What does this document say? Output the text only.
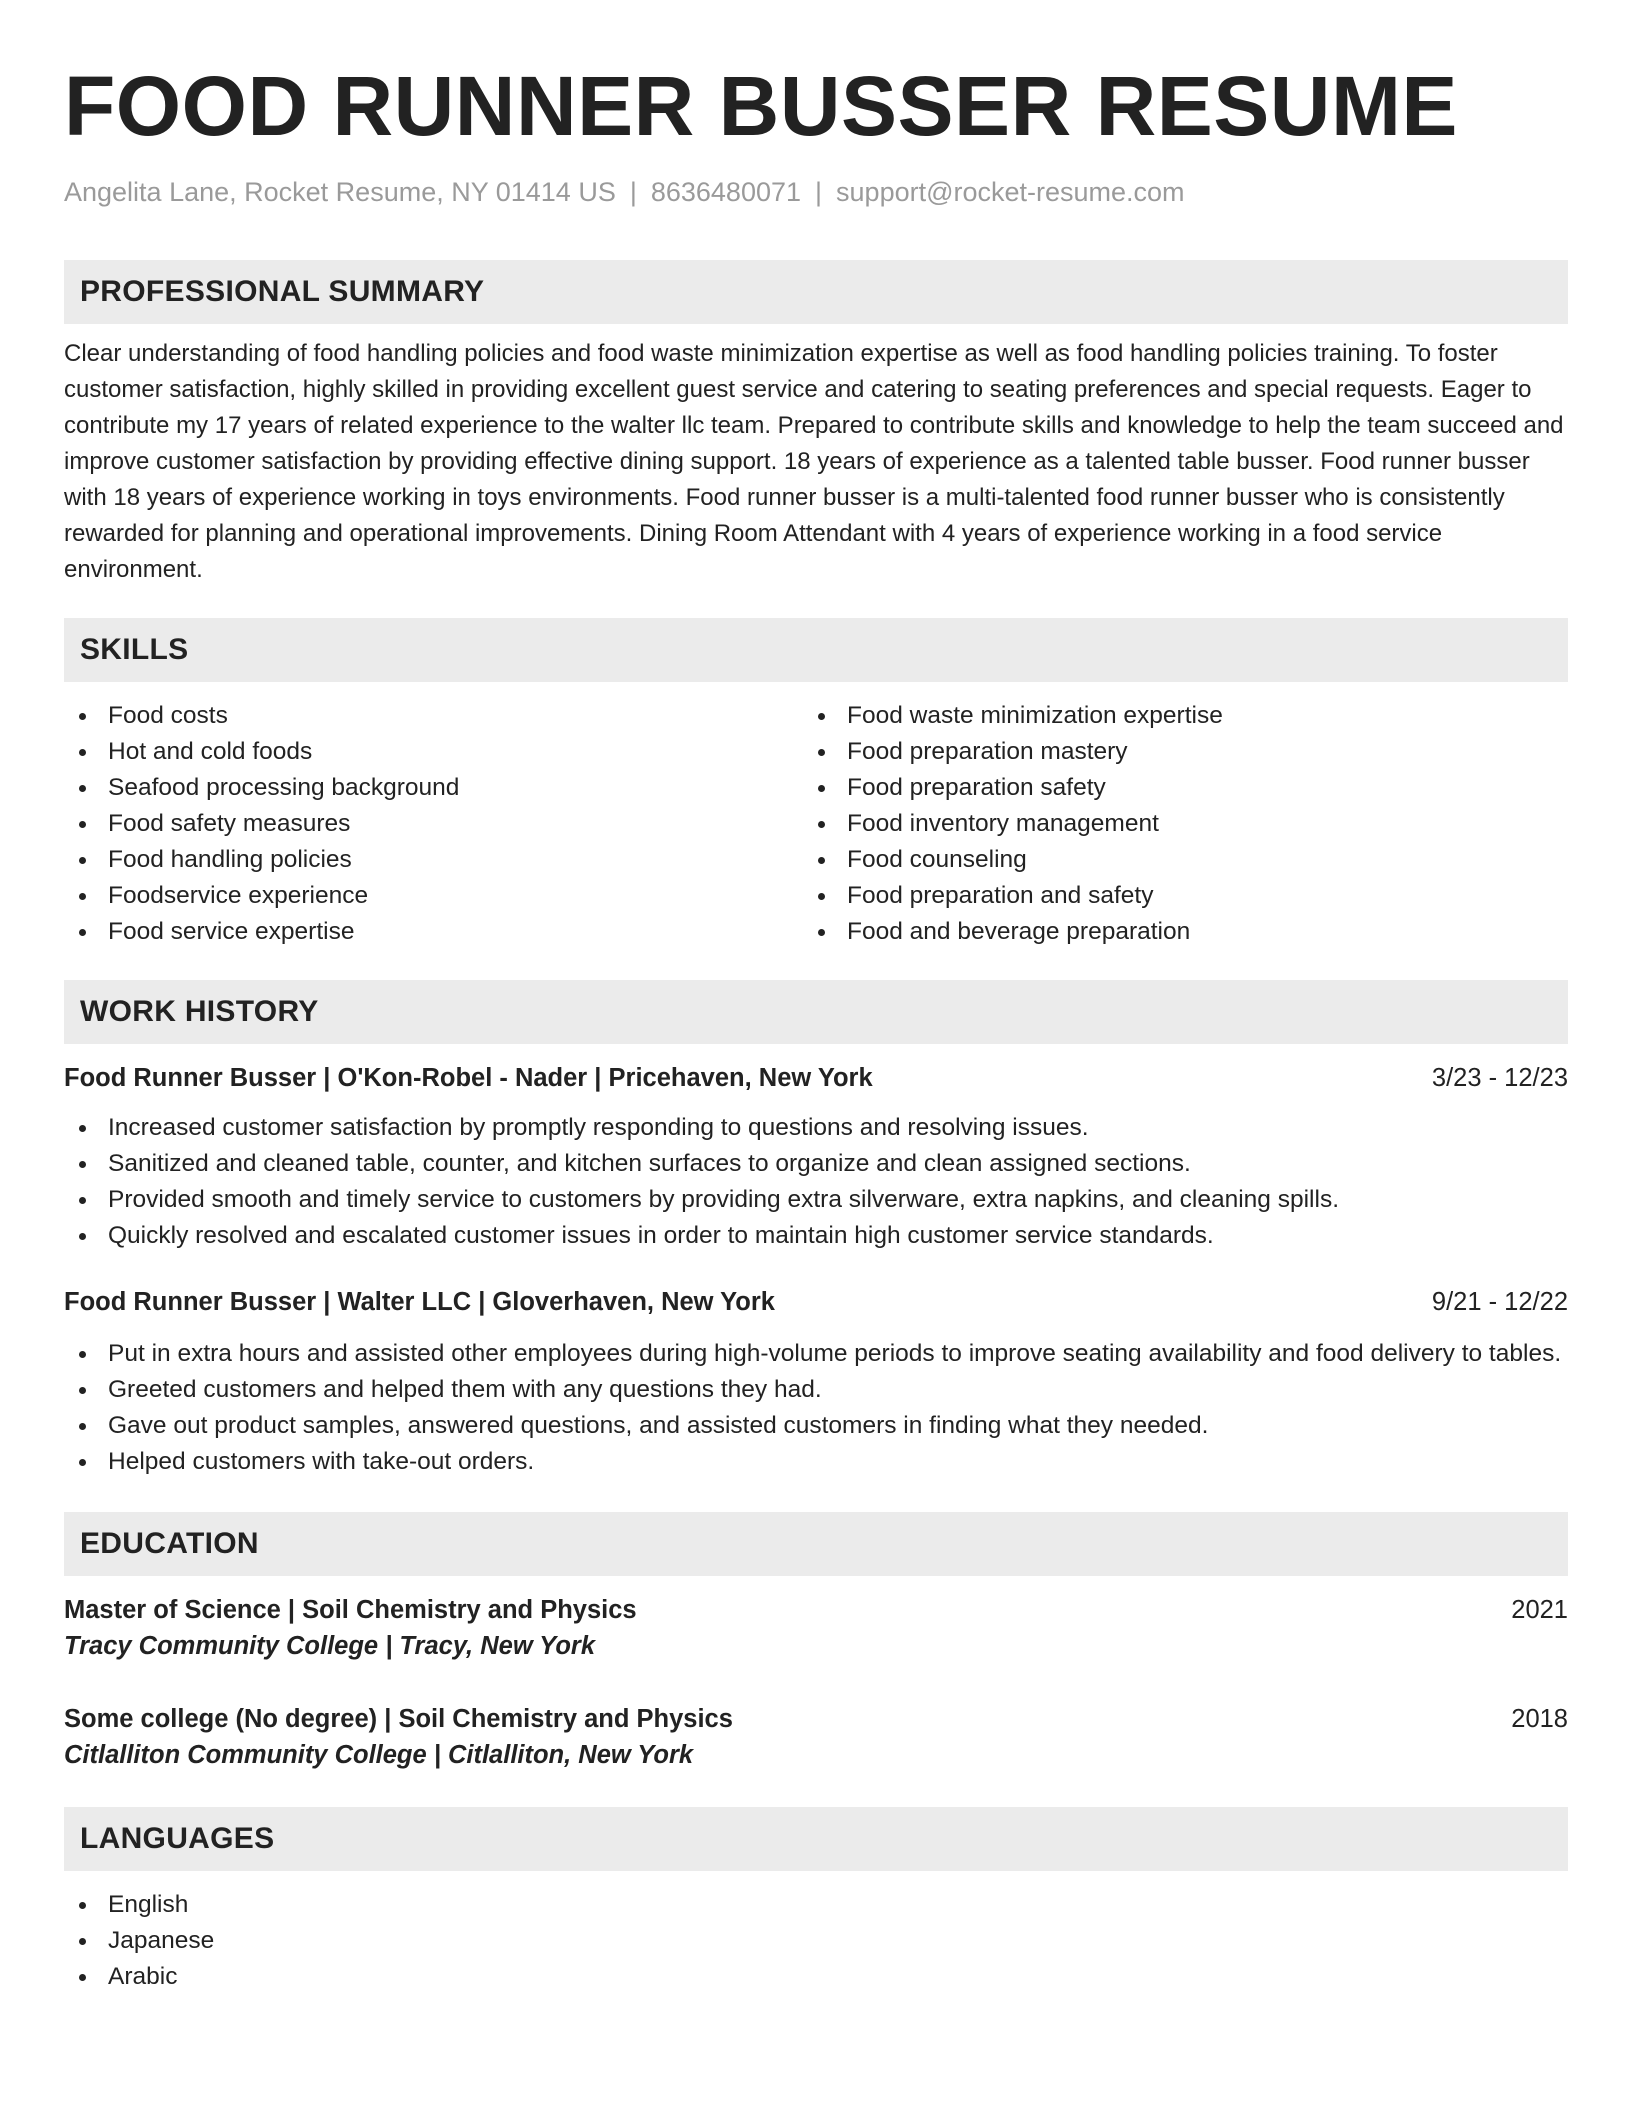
FOOD RUNNER BUSSER RESUME
Angelita Lane, Rocket Resume, NY 01414 US | 8636480071 | support@rocket-resume.com
PROFESSIONAL SUMMARY

Clear understanding of food handling policies and food waste minimization expertise as well as food handling policies training. To foster customer satisfaction, highly skilled in providing excellent guest service and catering to seating preferences and special requests. Eager to contribute my 17 years of related experience to the walter llc team. Prepared to contribute skills and knowledge to help the team succeed and improve customer satisfaction by providing effective dining support. 18 years of experience as a talented table busser. Food runner busser with 18 years of experience working in toys environments. Food runner busser is a multi-talented food runner busser who is consistently rewarded for planning and operational improvements. Dining Room Attendant with 4 years of experience working in a food service environment.

SKILLS
Food costs
Hot and cold foods
Seafood processing background
Food safety measures
Food handling policies
Foodservice experience
Food service expertise
Food waste minimization expertise
Food preparation mastery
Food preparation safety
Food inventory management
Food counseling
Food preparation and safety
Food and beverage preparation
WORK HISTORY
Food Runner Busser | O'Kon-Robel - Nader | Pricehaven, New York	3/23 - 12/23
Increased customer satisfaction by promptly responding to questions and resolving issues.
Sanitized and cleaned table, counter, and kitchen surfaces to organize and clean assigned sections.
Provided smooth and timely service to customers by providing extra silverware, extra napkins, and cleaning spills.
Quickly resolved and escalated customer issues in order to maintain high customer service standards.
Food Runner Busser | Walter LLC | Gloverhaven, New York	9/21 - 12/22
Put in extra hours and assisted other employees during high-volume periods to improve seating availability and food delivery to tables.
Greeted customers and helped them with any questions they had.
Gave out product samples, answered questions, and assisted customers in finding what they needed.
Helped customers with take-out orders.
EDUCATION
Master of Science | Soil Chemistry and Physics	2021
Tracy Community College | Tracy, New York
Some college (No degree) | Soil Chemistry and Physics	2018
Citlalliton Community College | Citlalliton, New York
LANGUAGES
English
Japanese
Arabic
